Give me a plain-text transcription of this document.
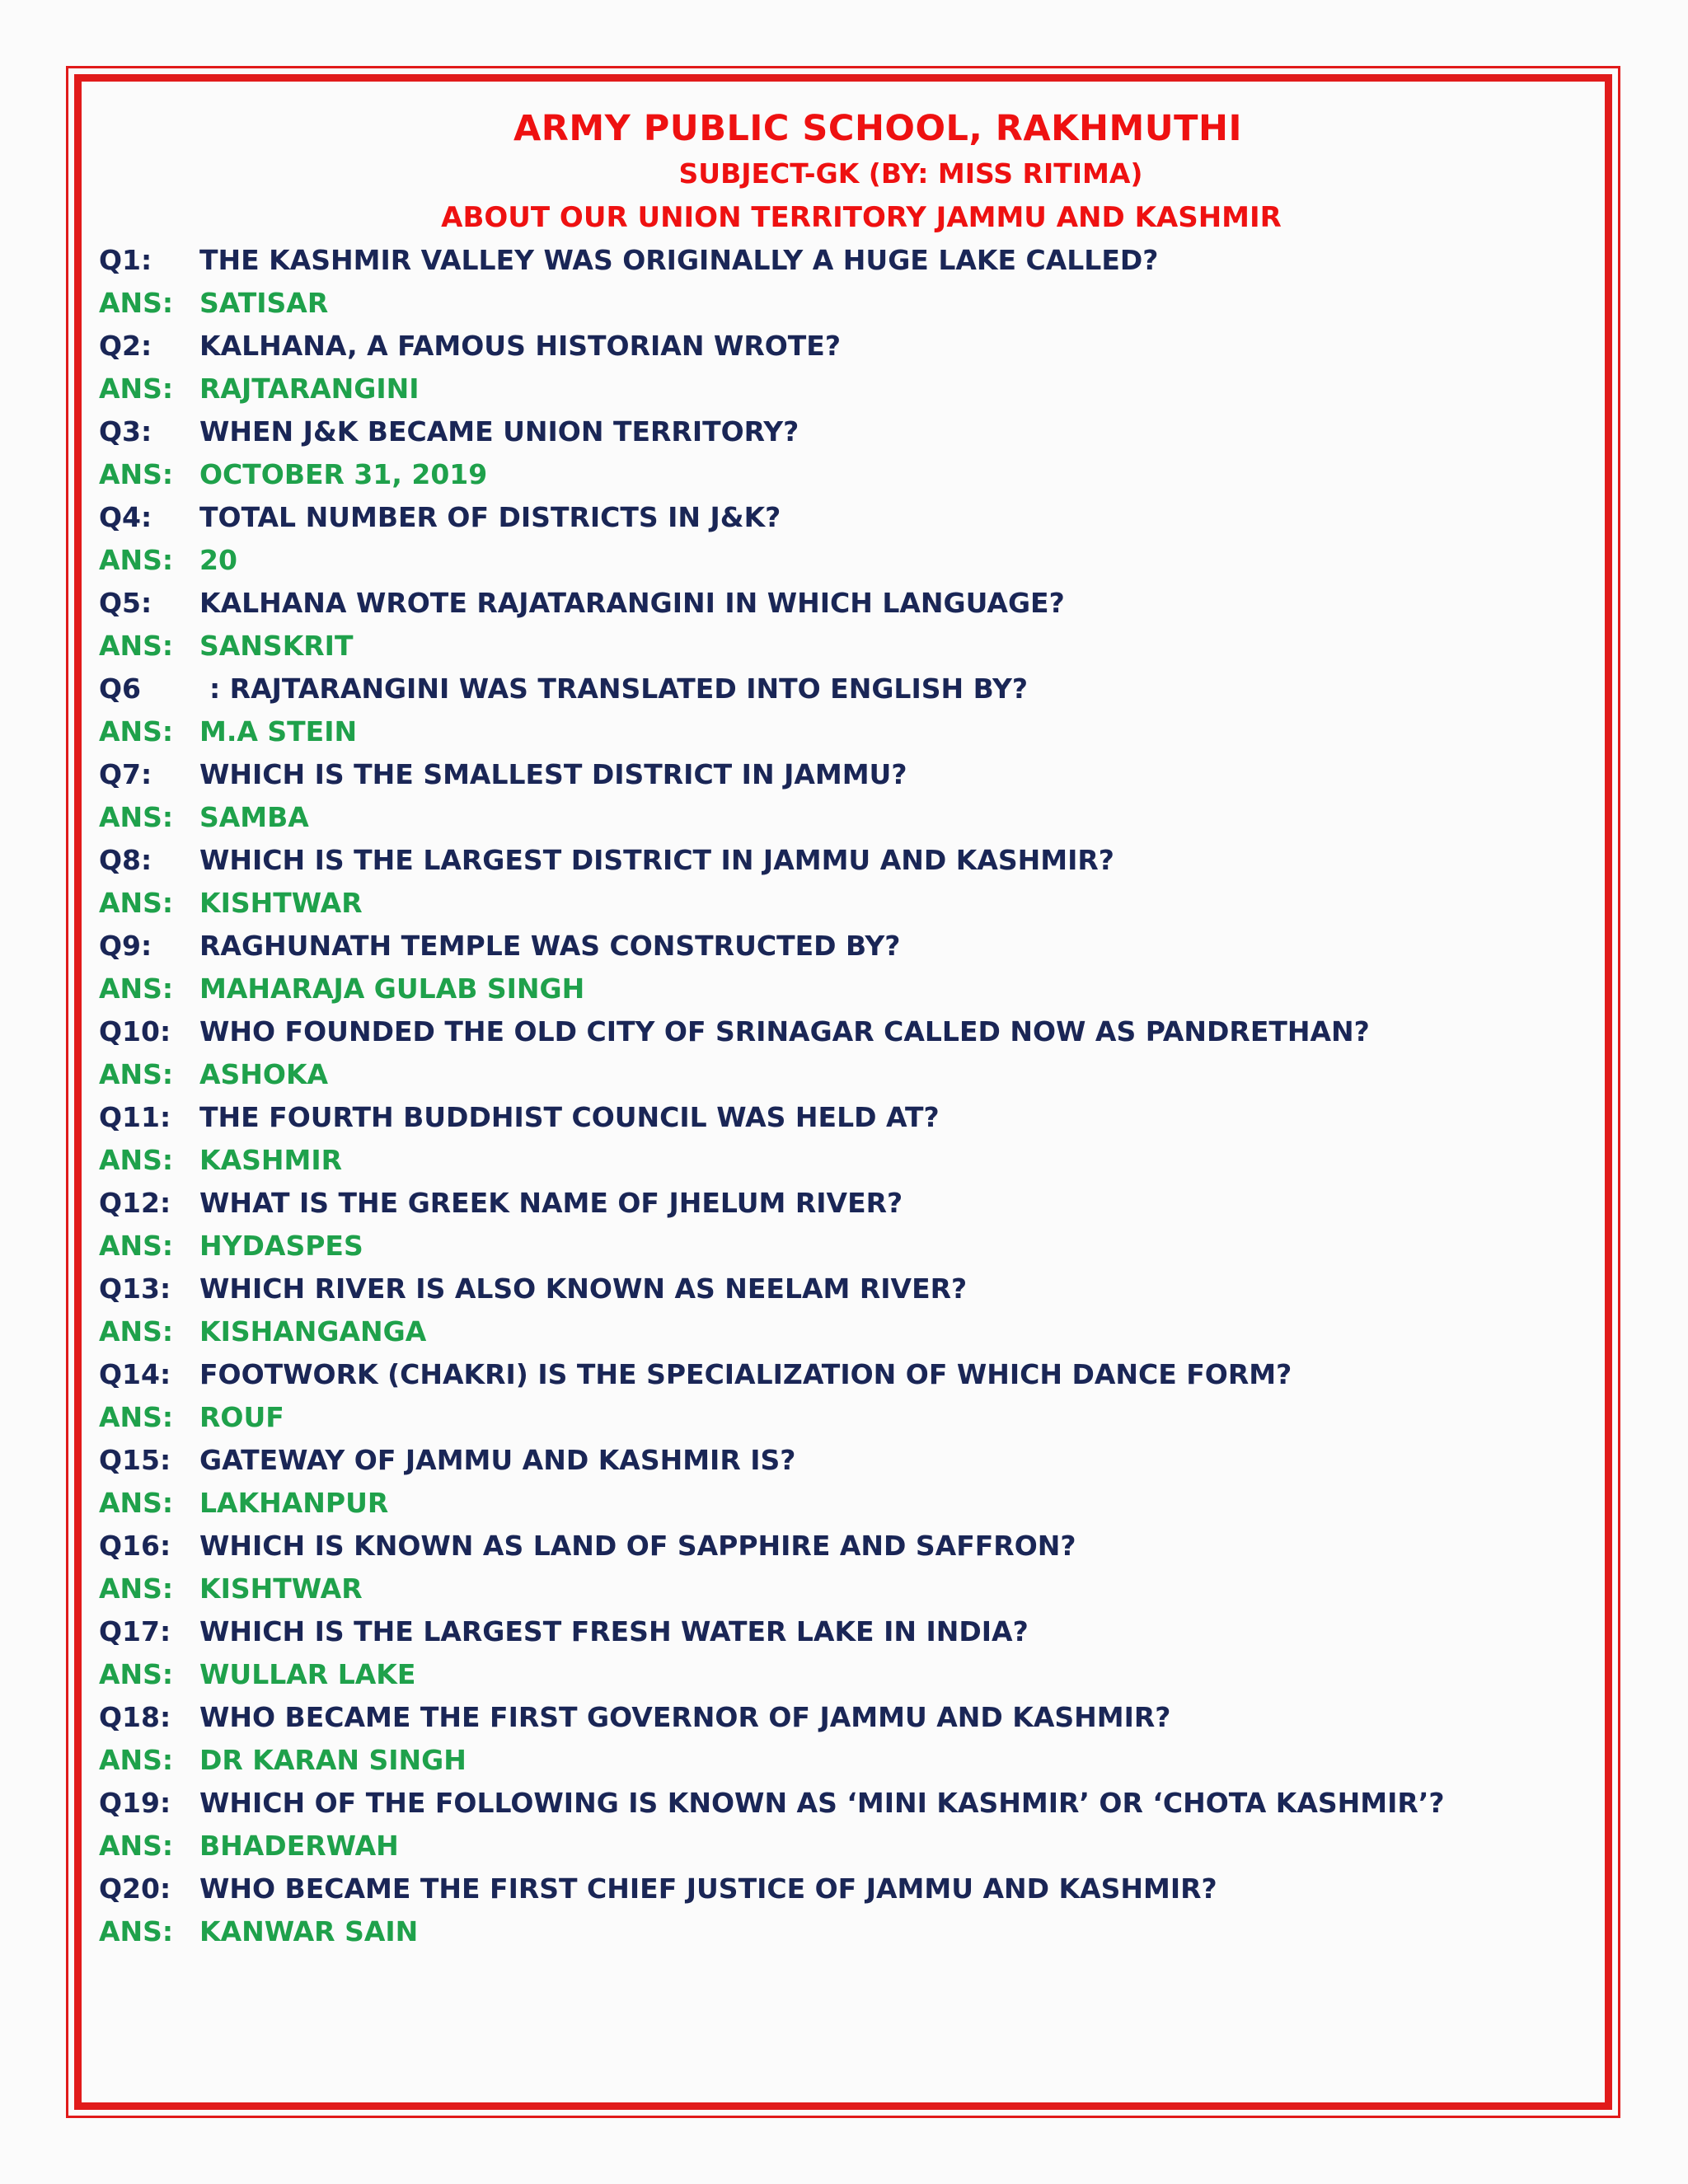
ARMY PUBLIC SCHOOL, RAKHMUTHI
SUBJECT-GK (BY: MISS RITIMA)
ABOUT OUR UNION TERRITORY JAMMU AND KASHMIR
Q1: THE KASHMIR VALLEY WAS ORIGINALLY A HUGE LAKE CALLED?
ANS: SATISAR
Q2: KALHANA, A FAMOUS HISTORIAN WROTE?
ANS: RAJTARANGINI
Q3: WHEN J&K BECAME UNION TERRITORY?
ANS: OCTOBER 31, 2019
Q4: TOTAL NUMBER OF DISTRICTS IN J&K?
ANS: 20
Q5: KALHANA WROTE RAJATARANGINI IN WHICH LANGUAGE?
ANS: SANSKRIT
Q6	: RAJTARANGINI WAS TRANSLATED INTO ENGLISH BY?
ANS: M.A STEIN
Q7: WHICH IS THE SMALLEST DISTRICT IN JAMMU?
ANS: SAMBA
Q8: WHICH IS THE LARGEST DISTRICT IN JAMMU AND KASHMIR?
ANS: KISHTWAR
Q9: RAGHUNATH TEMPLE WAS CONSTRUCTED BY?
ANS: MAHARAJA GULAB SINGH
Q10: WHO FOUNDED THE OLD CITY OF SRINAGAR CALLED NOW AS PANDRETHAN?
ANS: ASHOKA
Q11: THE FOURTH BUDDHIST COUNCIL WAS HELD AT?
ANS: KASHMIR
Q12: WHAT IS THE GREEK NAME OF JHELUM RIVER?
ANS: HYDASPES
Q13: WHICH RIVER IS ALSO KNOWN AS NEELAM RIVER?
ANS: KISHANGANGA
Q14: FOOTWORK (CHAKRI) IS THE SPECIALIZATION OF WHICH DANCE FORM?
ANS: ROUF
Q15: GATEWAY OF JAMMU AND KASHMIR IS?
ANS: LAKHANPUR
Q16: WHICH IS KNOWN AS LAND OF SAPPHIRE AND SAFFRON?
ANS: KISHTWAR
Q17: WHICH IS THE LARGEST FRESH WATER LAKE IN INDIA?
ANS: WULLAR LAKE
Q18: WHO BECAME THE FIRST GOVERNOR OF JAMMU AND KASHMIR?
ANS: DR KARAN SINGH
Q19: WHICH OF THE FOLLOWING IS KNOWN AS ‘MINI KASHMIR’ OR ‘CHOTA KASHMIR’?
ANS: BHADERWAH
Q20: WHO BECAME THE FIRST CHIEF JUSTICE OF JAMMU AND KASHMIR?
ANS: KANWAR SAIN
